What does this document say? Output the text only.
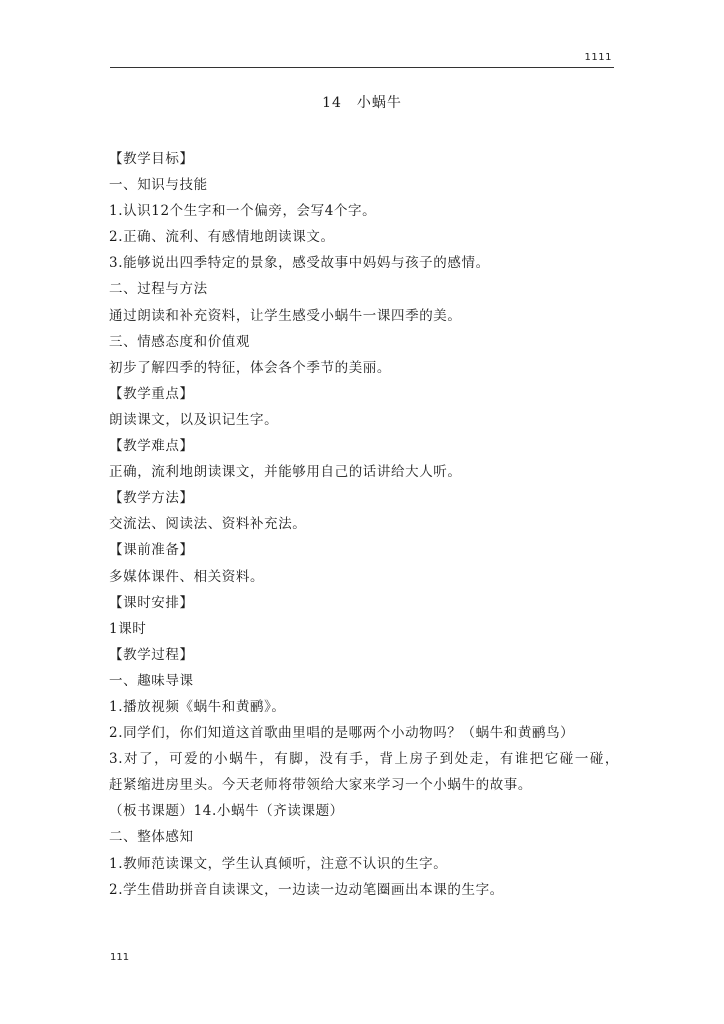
1111
14　小蜗牛
【教学目标】
一、知识与技能
1.认识12个生字和一个偏旁，会写4个字。
2.正确、流利、有感情地朗读课文。
3.能够说出四季特定的景象，感受故事中妈妈与孩子的感情。
二、过程与方法
通过朗读和补充资料，让学生感受小蜗牛一课四季的美。
三、情感态度和价值观
初步了解四季的特征，体会各个季节的美丽。
【教学重点】
朗读课文，以及识记生字。
【教学难点】
正确，流利地朗读课文，并能够用自己的话讲给大人听。
【教学方法】
交流法、阅读法、资料补充法。
【课前准备】
多媒体课件、相关资料。
【课时安排】
1课时
【教学过程】
一、趣味导课
1.播放视频《蜗牛和黄鹂》。
2.同学们，你们知道这首歌曲里唱的是哪两个小动物吗？（蜗牛和黄鹂鸟）
3.对了，可爱的小蜗牛，有脚，没有手，背上房子到处走，有谁把它碰一碰，
赶紧缩进房里头。今天老师将带领给大家来学习一个小蜗牛的故事。
（板书课题）14.小蜗牛（齐读课题）
二、整体感知
1.教师范读课文，学生认真倾听，注意不认识的生字。
2.学生借助拼音自读课文，一边读一边动笔圈画出本课的生字。
111
